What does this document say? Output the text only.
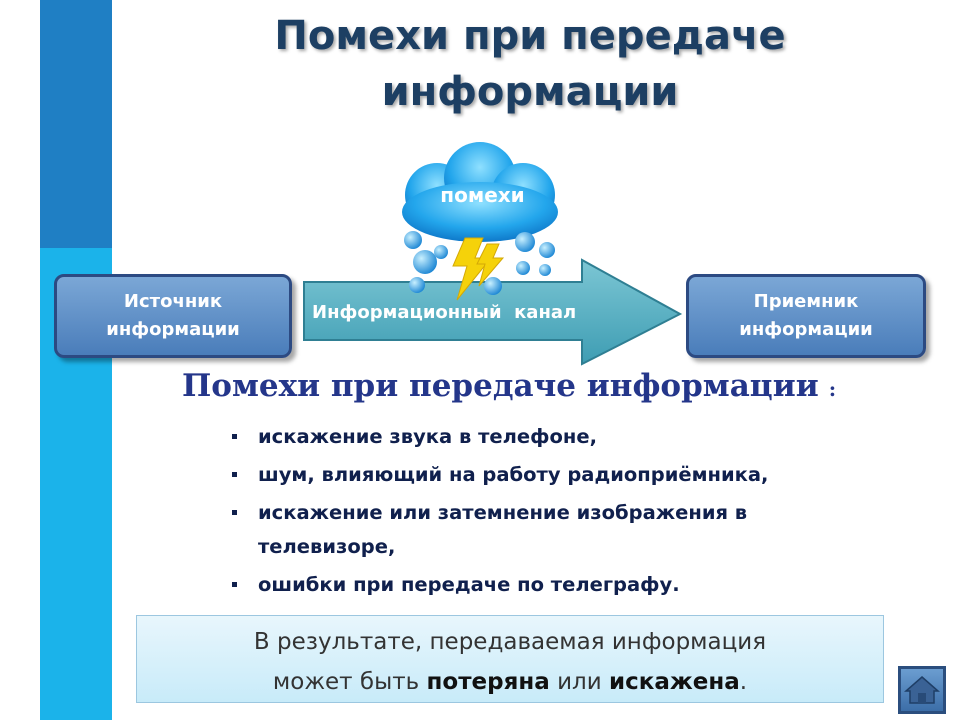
Помехи при передаче
информации
Источник
информации
Информационный  канал
помехи
Приемник
информации
Помехи при передаче информации :
искажение звука в телефоне,
шум, влияющий на работу радиоприёмника,
искажение или затемнение изображения в телевизоре,
ошибки при передаче по телеграфу.
В результате, передаваемая информация
может быть потеряна или искажена.
